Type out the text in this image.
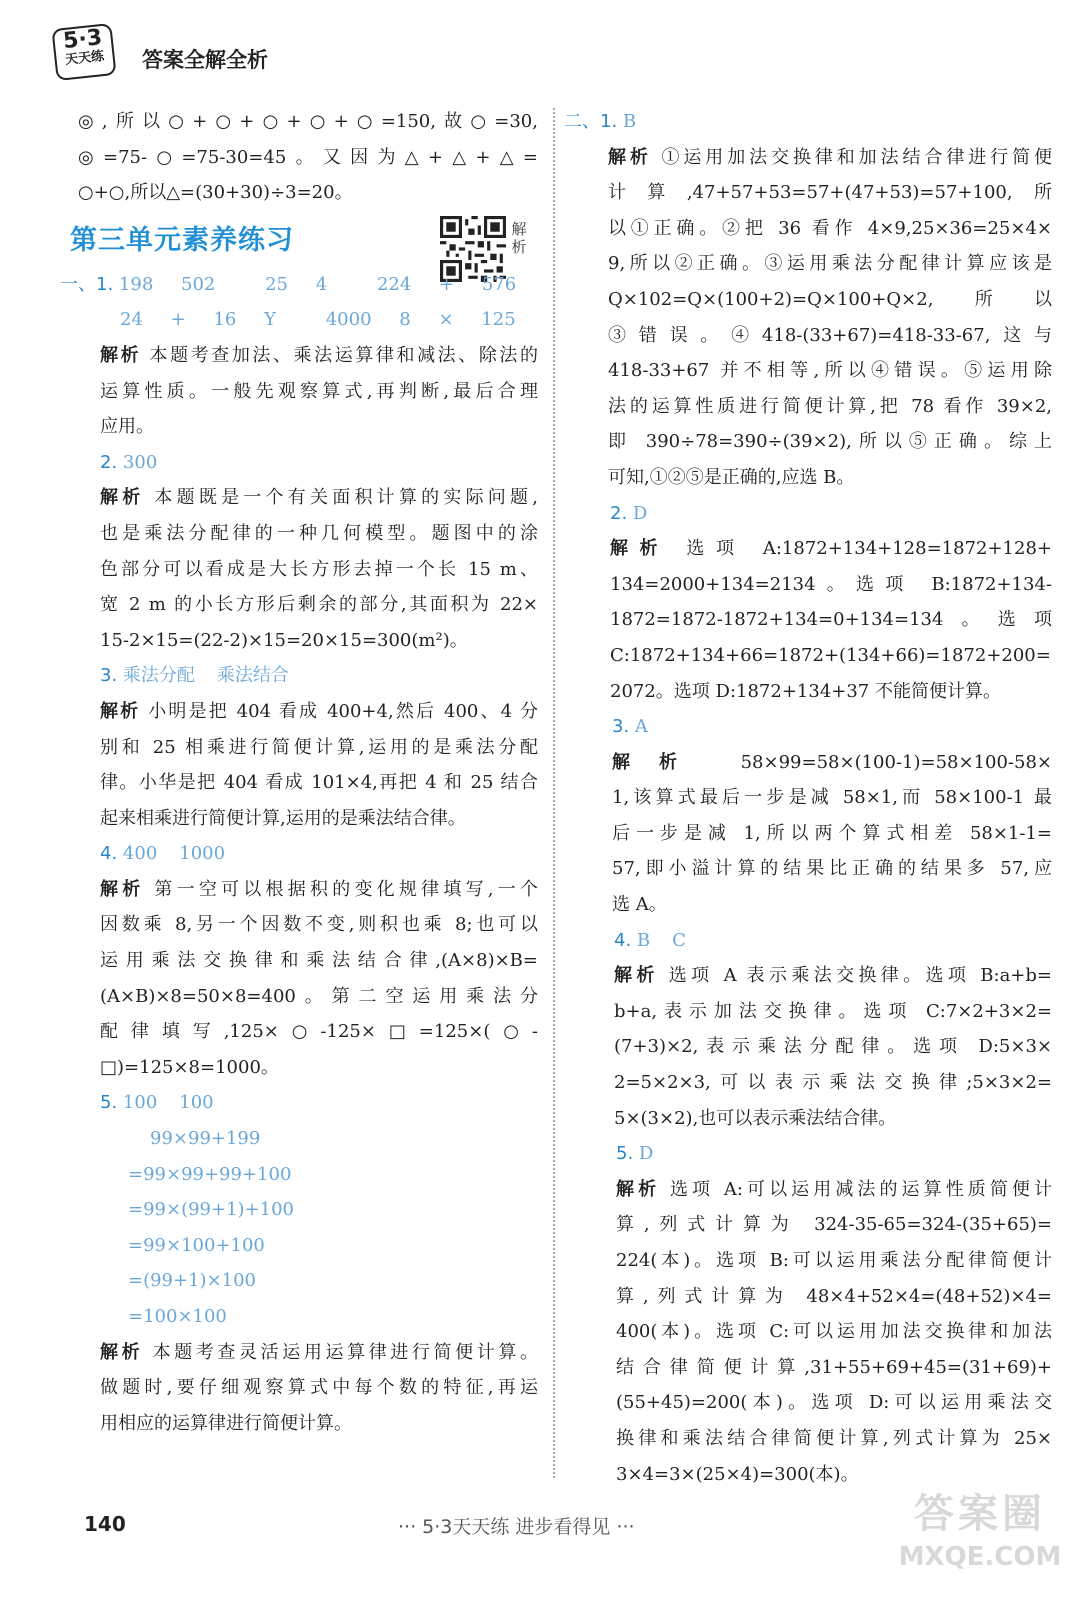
5·3
天天练	答案全解全析
解析
◎,所以○+○+○+○+○=150,故○=30,
◎=75-○=75-30=45。又因为△+△+△=
○+○,所以△=(30+30)÷3=20。
第三单元素养练习
一、1. 198 502	25 4	224 + 576
24 + 16 Y	4000 8 × 125
解析 本题考查加法、乘法运算律和减法、除法的
运算性质。一般先观察算式,再判断,最后合理
应用。
2. 300
解析 本题既是一个有关面积计算的实际问题,
也是乘法分配律的一种几何模型。题图中的涂
色部分可以看成是大长方形去掉一个长 15 m、
宽 2 m 的小长方形后剩余的部分,其面积为 22×
15-2×15=(22-2)×15=20×15=300(m²)。
3. 乘法分配 乘法结合
解析 小明是把 404 看成 400+4,然后 400、4 分
别和 25 相乘进行简便计算,运用的是乘法分配
律。小华是把 404 看成 101×4,再把 4 和 25 结合
起来相乘进行简便计算,运用的是乘法结合律。
4. 400 1000
解析 第一空可以根据积的变化规律填写,一个
因数乘 8,另一个因数不变,则积也乘 8;也可以
运用乘法交换律和乘法结合律,(A×8)×B=
(A×B)×8=50×8=400。第二空运用乘法分
配律填写,125×○-125×□=125×(○-
□)=125×8=1000。
5. 100 100
99×99+199
=99×99+99+100
=99×(99+1)+100
=99×100+100
=(99+1)×100
=100×100
解析 本题考查灵活运用运算律进行简便计算。
做题时,要仔细观察算式中每个数的特征,再运
用相应的运算律进行简便计算。
二、1. B
解析 ①运用加法交换律和加法结合律进行简便
计算,47+57+53=57+(47+53)=57+100,所
以①正确。②把 36 看作 4×9,25×36=25×4×
9,所以②正确。③运用乘法分配律计算应该是
Q×102=Q×(100+2)=Q×100+Q×2,所以
③错误。④418-(33+67)=418-33-67,这与
418-33+67 并不相等,所以④错误。⑤运用除
法的运算性质进行简便计算,把 78 看作 39×2,
即 390÷78=390÷(39×2),所以⑤正确。综上
可知,①②⑤是正确的,应选 B。
2. D
解析 选项 A:1872+134+128=1872+128+
134=2000+134=2134。选项 B:1872+134-
1872=1872-1872+134=0+134=134。选项
C:1872+134+66=1872+(134+66)=1872+200=
2072。选项 D:1872+134+37 不能简便计算。
3. A
解析 58×99=58×(100-1)=58×100-58×
1,该算式最后一步是减 58×1,而 58×100-1 最
后一步是减 1,所以两个算式相差 58×1-1=
57,即小溢计算的结果比正确的结果多 57,应
选 A。
4. B C
解析 选项 A 表示乘法交换律。选项 B:a+b=
b+a,表示加法交换律。选项 C:7×2+3×2=
(7+3)×2,表示乘法分配律。选项 D:5×3×
2=5×2×3,可以表示乘法交换律;5×3×2=
5×(3×2),也可以表示乘法结合律。
5. D
解析 选项 A:可以运用减法的运算性质简便计
算,列式计算为 324-35-65=324-(35+65)=
224(本)。选项 B:可以运用乘法分配律简便计
算,列式计算为 48×4+52×4=(48+52)×4=
400(本)。选项 C:可以运用加法交换律和加法
结合律简便计算,31+55+69+45=(31+69)+
(55+45)=200(本)。选项 D:可以运用乘法交
换律和乘法结合律简便计算,列式计算为 25×
3×4=3×(25×4)=300(本)。
140	··· 5·3天天练 进步看得见 ···	答案圈
MXQE.COM
